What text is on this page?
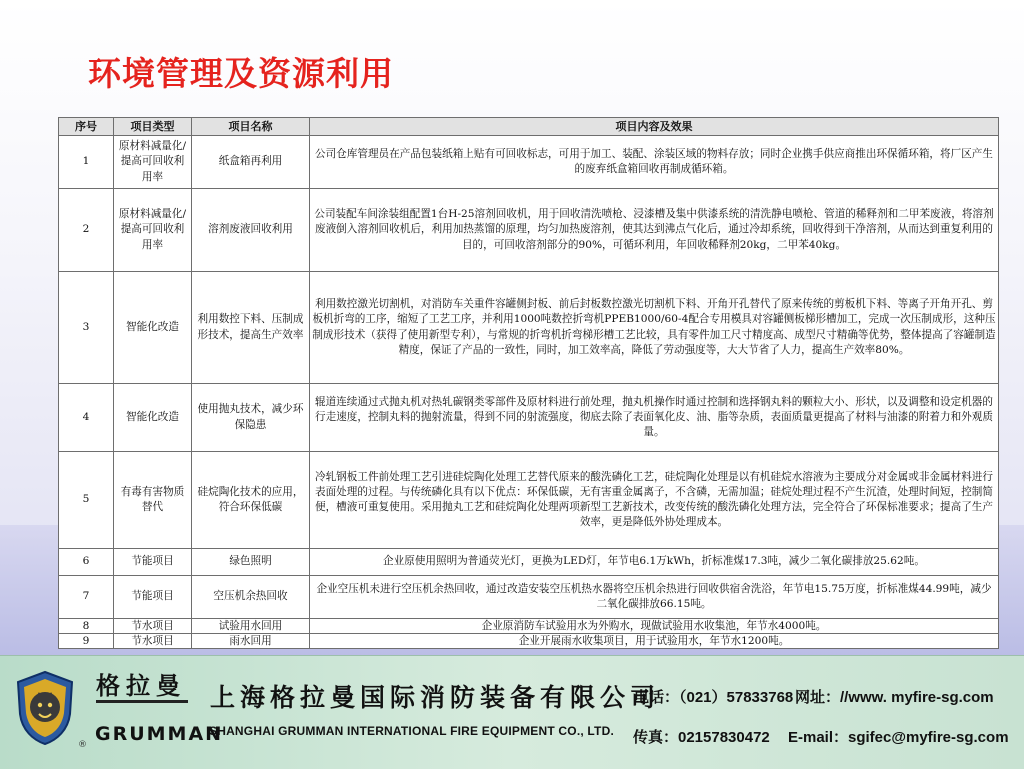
环境管理及资源利用
序号	项目类型	项目名称	项目内容及效果
1	原材料减量化/提高可回收利用率	纸盒箱再利用	公司仓库管理员在产品包装纸箱上贴有可回收标志，可用于加工、装配、涂装区域的物料存放；同时企业携手供应商推出环保循环箱，将厂区产生的废弃纸盒箱回收再制成循环箱。
2	原材料减量化/提高可回收利用率	溶剂废液回收利用	公司装配车间涂装组配置1台H-25溶剂回收机，用于回收清洗喷枪、浸漆槽及集中供漆系统的清洗静电喷枪、管道的稀释剂和二甲苯废液，将溶剂废液倒入溶剂回收机后，利用加热蒸馏的原理，均匀加热废溶剂，使其达到沸点气化后，通过冷却系统，回收得到干净溶剂，从而达到重复利用的目的，可回收溶剂部分的90%，可循环利用，年回收稀释剂20kg，二甲苯40kg。
3	智能化改造	利用数控下料、压制成形技术，提高生产效率	利用数控激光切割机，对消防车关重件容罐侧封板、前后封板数控激光切割机下料、开角开孔替代了原来传统的剪板机下料、等离子开角开孔、剪板机折弯的工序，缩短了工艺工序，并利用1000吨数控折弯机PPEB1000/60-4配合专用模具对容罐侧板梯形槽加工，完成一次压制成形，这种压制成形技术（获得了使用新型专利），与常规的折弯机折弯梯形槽工艺比较，具有零件加工尺寸精度高、成型尺寸精确等优势，整体提高了容罐制造精度，保证了产品的一致性，同时，加工效率高，降低了劳动强度等，大大节省了人力，提高生产效率80%。
4	智能化改造	使用抛丸技术，减少环保隐患	辊道连续通过式抛丸机对热轧碳钢类零部件及原材料进行前处理，抛丸机操作时通过控制和选择钢丸料的颗粒大小、形状，以及调整和设定机器的行走速度，控制丸料的抛射流量，得到不同的射流强度，彻底去除了表面氧化皮、油、脂等杂质，表面质量更提高了材料与油漆的附着力和外观质量。
5	有毒有害物质替代	硅烷陶化技术的应用，符合环保低碳	冷轧钢板工件前处理工艺引进硅烷陶化处理工艺替代原来的酸洗磷化工艺，硅烷陶化处理是以有机硅烷水溶液为主要成分对金属或非金属材料进行表面处理的过程。与传统磷化具有以下优点：环保低碳，无有害重金属离子，不含磷，无需加温；硅烷处理过程不产生沉渣，处理时间短，控制简便，槽液可重复使用。采用抛丸工艺和硅烷陶化处理两项新型工艺新技术，改变传统的酸洗磷化处理方法，完全符合了环保标准要求；提高了生产效率，更是降低外协处理成本。
6	节能项目	绿色照明	企业原使用照明为普通荧光灯，更换为LED灯，年节电6.1万kWh，折标准煤17.3吨，减少二氧化碳排放25.62吨。
7	节能项目	空压机余热回收	企业空压机未进行空压机余热回收，通过改造安装空压机热水器将空压机余热进行回收供宿舍洗浴，年节电15.75万度，折标准煤44.99吨，减少二氧化碳排放66.15吨。
8	节水项目	试验用水回用	企业原消防车试验用水为外购水，现做试验用水收集池，年节水4000吨。
9	节水项目	雨水回用	企业开展雨水收集项目，用于试验用水，年节水1200吨。
®
格拉曼
GRUMMAN
上海格拉曼国际消防装备有限公司
SHANGHAI GRUMMAN INTERNATIONAL FIRE EQUIPMENT CO., LTD.
电话：（021）57833768 网址：//www. myfire-sg.com
传真：02157830472 E-mail：sgifec@myfire-sg.com
